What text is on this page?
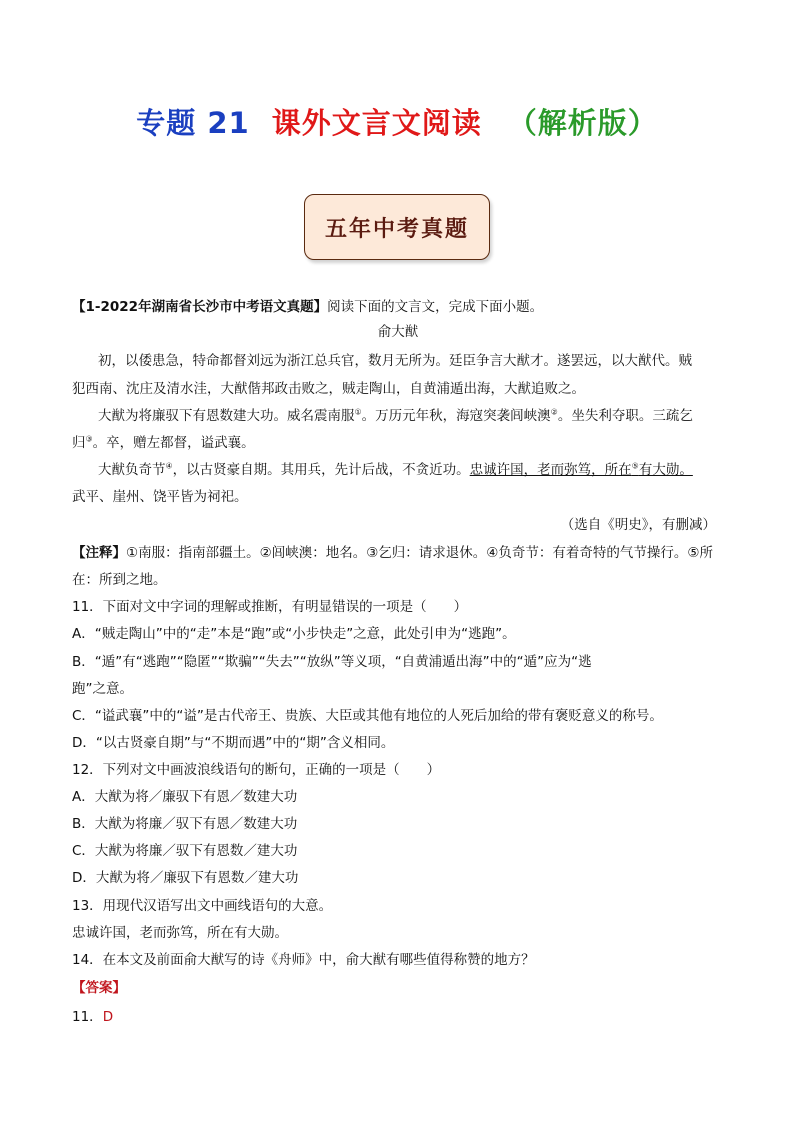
专题 21 课外文言文阅读 （解析版）
五年中考真题
【1-2022年湖南省长沙市中考语文真题】阅读下面的文言文，完成下面小题。
俞大猷
初，以倭患急，特命都督刘远为浙江总兵官，数月无所为。廷臣争言大猷才。遂罢远，以大猷代。贼
犯西南、沈庄及清水洼，大猷偕邦政击败之，贼走陶山，自黄浦遁出海，大猷追败之。
大猷为将廉驭下有恩数建大功。威名震南服①。万历元年秋，海寇突袭闾峡澳②。坐失利夺职。三疏乞
归③。卒，赠左都督，谥武襄。
大猷负奇节④，以古贤豪自期。其用兵，先计后战，不贪近功。忠诚许国，老而弥笃，所在⑤有大勋。
武平、崖州、饶平皆为祠祀。
（选自《明史》，有删减）
【注释】①南服：指南部疆土。②闾峡澳：地名。③乞归：请求退休。④负奇节：有着奇特的气节操行。⑤所
在：所到之地。
11．下面对文中字词的理解或推断，有明显错误的一项是（　　）
A．“贼走陶山”中的“走”本是“跑”或“小步快走”之意，此处引申为“逃跑”。
B．“遁”有“逃跑”“隐匿”“欺骗”“失去”“放纵”等义项，“自黄浦遁出海”中的“遁”应为“逃
跑”之意。
C．“谥武襄”中的“谥”是古代帝王、贵族、大臣或其他有地位的人死后加给的带有褒贬意义的称号。
D．“以古贤豪自期”与“不期而遇”中的“期”含义相同。
12．下列对文中画波浪线语句的断句，正确的一项是（　　）
A．大猷为将／廉驭下有恩／数建大功
B．大猷为将廉／驭下有恩／数建大功
C．大猷为将廉／驭下有恩数／建大功
D．大猷为将／廉驭下有恩数／建大功
13．用现代汉语写出文中画线语句的大意。
忠诚许国，老而弥笃，所在有大勋。
14．在本文及前面俞大猷写的诗《舟师》中，俞大猷有哪些值得称赞的地方？
【答案】
11．D
